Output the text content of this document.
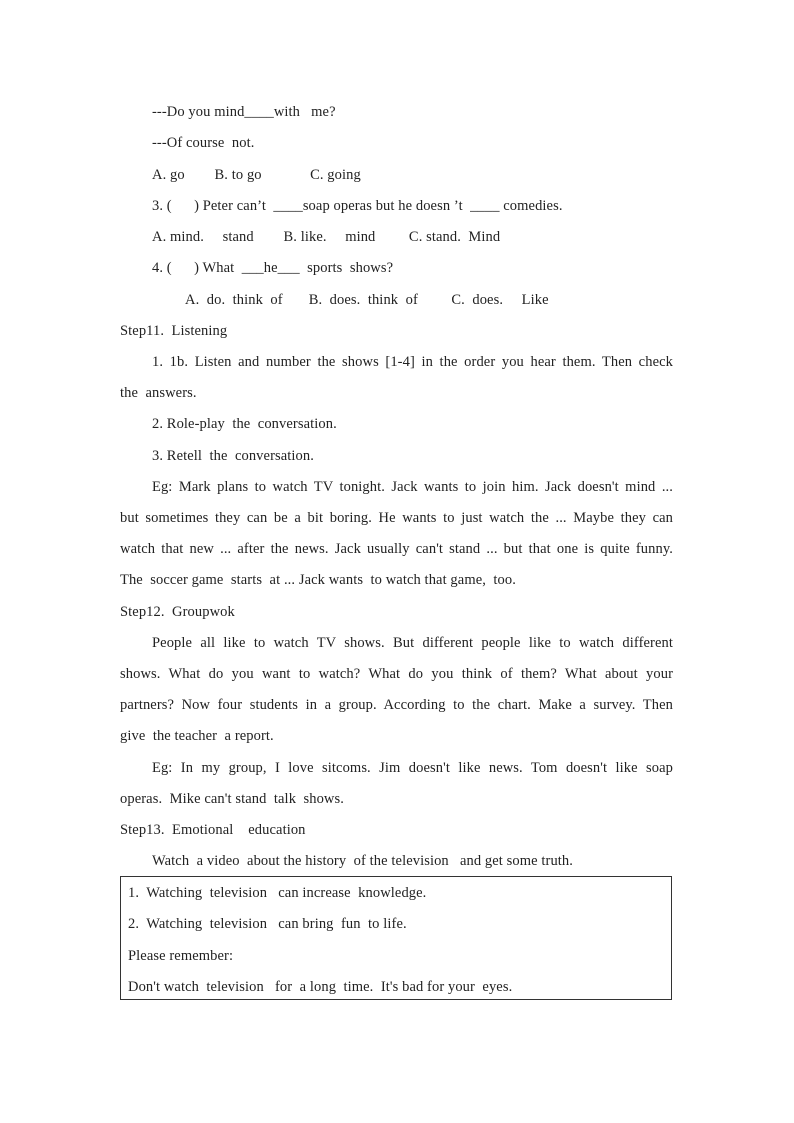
---Do you mind____with   me?
---Of course  not.
A. go        B. to go             C. going
3. (      ) Peter can’t  ____soap operas but he doesn ’t  ____ comedies.
A. mind.     stand        B. like.     mind         C. stand.  Mind
4. (      ) What  ___he___  sports  shows?
A.  do.  think  of       B.  does.  think  of         C.  does.     Like
Step11.  Listening
1. 1b. Listen and number the shows [1-4] in the order you hear them. Then check
the  answers.
2. Role-play  the  conversation.
3. Retell  the  conversation.
Eg: Mark plans to watch TV tonight. Jack wants to join him. Jack doesn't mind ...
but sometimes they can be a bit boring. He wants to just watch the ... Maybe they can
watch that new ... after the news. Jack usually can't stand ... but that one is quite funny.
The  soccer game  starts  at ... Jack wants  to watch that game,  too.
Step12.  Groupwok
People all like to watch TV shows. But different people like to watch different
shows. What do you want to watch? What do you think of them? What about your
partners? Now four students in a group. According to the chart. Make a survey. Then
give  the teacher  a report.
Eg: In my group, I love sitcoms. Jim doesn't like news. Tom doesn't like soap
operas.  Mike can't stand  talk  shows.
Step13.  Emotional    education
Watch  a video  about the history  of the television   and get some truth.
1.  Watching  television   can increase  knowledge.
2.  Watching  television   can bring  fun  to life.
Please remember:
Don't watch  television   for  a long  time.  It's bad for your  eyes.
